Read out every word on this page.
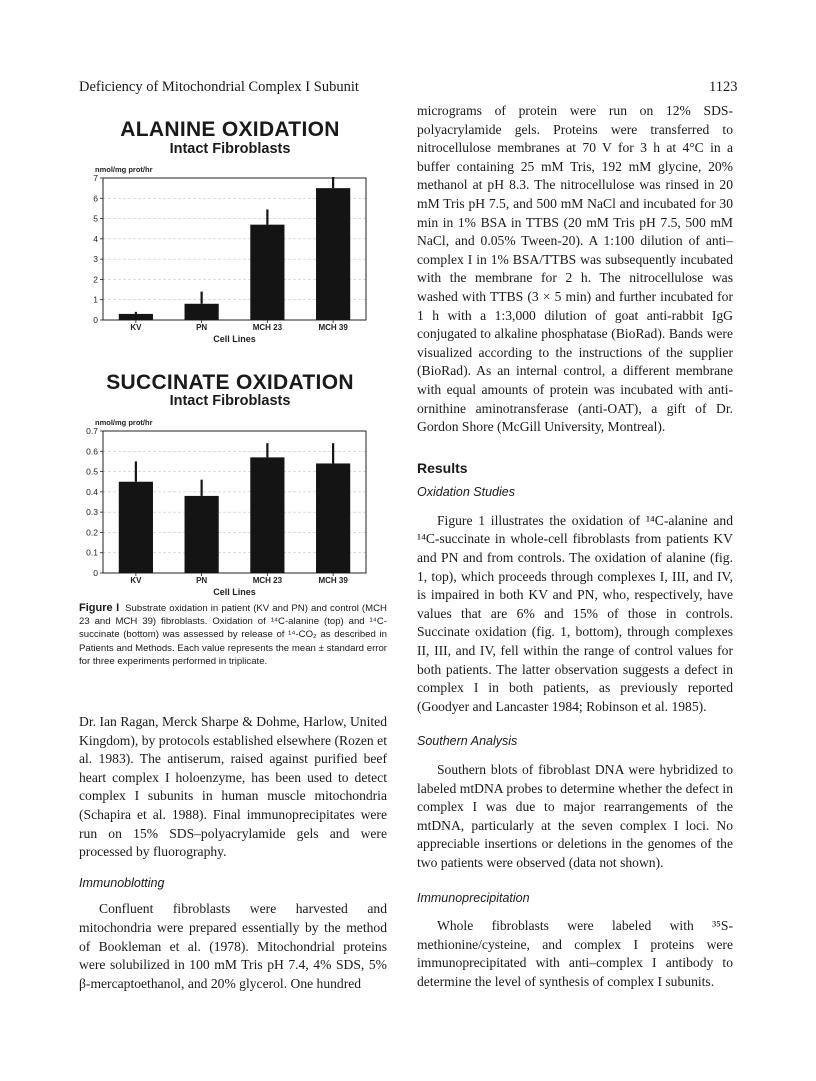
Deficiency of Mitochondrial Complex I Subunit	1123
ALANINE OXIDATION
Intact Fibroblasts
0
1
2
3
4
5
6
7
nmol/mg prot/hr
KV	PN	MCH 23	MCH 39
Cell Lines
SUCCINATE OXIDATION
Intact Fibroblasts
0
0.1
0.2
0.3
0.4
0.5
0.6
0.7
nmol/mg prot/hr
KV	PN	MCH 23	MCH 39
Cell Lines
Figure I Substrate oxidation in patient (KV and PN) and control (MCH 23 and MCH 39) fibroblasts. Oxidation of ¹⁴C-alanine (top) and ¹⁴C-succinate (bottom) was assessed by release of ¹⁴-CO₂ as described in Patients and Methods. Each value represents the mean ± standard error for three experiments performed in triplicate.

Dr. Ian Ragan, Merck Sharpe & Dohme, Harlow, United Kingdom), by protocols established elsewhere (Rozen et al. 1983). The antiserum, raised against purified beef heart complex I holoenzyme, has been used to detect complex I subunits in human muscle mitochondria (Schapira et al. 1988). Final immunoprecipitates were run on 15% SDS–polyacrylamide gels and were processed by fluorography.

Immunoblotting

Confluent fibroblasts were harvested and mitochondria were prepared essentially by the method of Bookleman et al. (1978). Mitochondrial proteins were solubilized in 100 mM Tris pH 7.4, 4% SDS, 5% β-mercaptoethanol, and 20% glycerol. One hundred

micrograms of protein were run on 12% SDS-polyacrylamide gels. Proteins were transferred to nitrocellulose membranes at 70 V for 3 h at 4°C in a buffer containing 25 mM Tris, 192 mM glycine, 20% methanol at pH 8.3. The nitrocellulose was rinsed in 20 mM Tris pH 7.5, and 500 mM NaCl and incubated for 30 min in 1% BSA in TTBS (20 mM Tris pH 7.5, 500 mM NaCl, and 0.05% Tween-20). A 1:100 dilution of anti–complex I in 1% BSA/TTBS was subsequently incubated with the membrane for 2 h. The nitrocellulose was washed with TTBS (3 × 5 min) and further incubated for 1 h with a 1:3,000 dilution of goat anti-rabbit IgG conjugated to alkaline phosphatase (BioRad). Bands were visualized according to the instructions of the supplier (BioRad). As an internal control, a different membrane with equal amounts of protein was incubated with anti-ornithine aminotransferase (anti-OAT), a gift of Dr. Gordon Shore (McGill University, Montreal).

Results

Oxidation Studies

Figure 1 illustrates the oxidation of ¹⁴C-alanine and ¹⁴C-succinate in whole-cell fibroblasts from patients KV and PN and from controls. The oxidation of alanine (fig. 1, top), which proceeds through complexes I, III, and IV, is impaired in both KV and PN, who, respectively, have values that are 6% and 15% of those in controls. Succinate oxidation (fig. 1, bottom), through complexes II, III, and IV, fell within the range of control values for both patients. The latter observation suggests a defect in complex I in both patients, as previously reported (Goodyer and Lancaster 1984; Robinson et al. 1985).

Southern Analysis

Southern blots of fibroblast DNA were hybridized to labeled mtDNA probes to determine whether the defect in complex I was due to major rearrangements of the mtDNA, particularly at the seven complex I loci. No appreciable insertions or deletions in the genomes of the two patients were observed (data not shown).

Immunoprecipitation

Whole fibroblasts were labeled with ³⁵S-methionine/cysteine, and complex I proteins were immunoprecipitated with anti–complex I antibody to determine the level of synthesis of complex I subunits.
